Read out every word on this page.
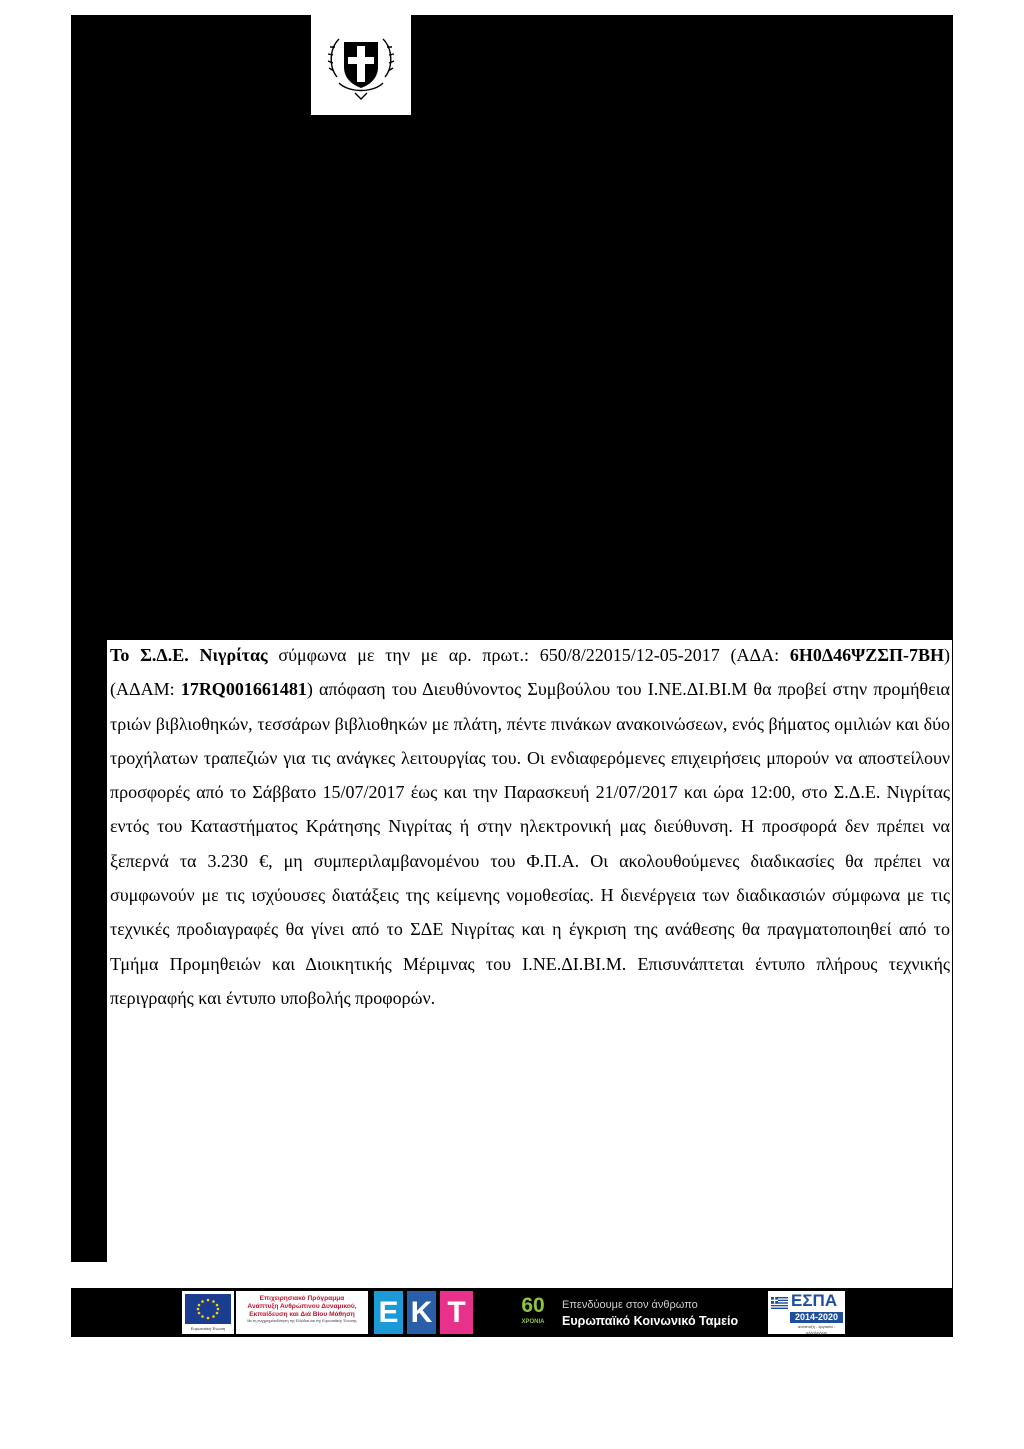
Το Σ.Δ.Ε. Νιγρίτας σύμφωνα με την με αρ. πρωτ.: 650/8/22015/12-05-2017 (ΑΔΑ: 6Η0Δ46ΨΖΣΠ-7ΒΗ) (ΑΔΑΜ: 17RQ001661481) απόφαση του Διευθύνοντος Συμβούλου του Ι.ΝΕ.ΔΙ.ΒΙ.Μ θα προβεί στην προμήθεια τριών βιβλιοθηκών, τεσσάρων βιβλιοθηκών με πλάτη, πέντε πινάκων ανακοινώσεων, ενός βήματος ομιλιών και δύο τροχήλατων τραπεζιών για τις ανάγκες λειτουργίας του. Οι ενδιαφερόμενες επιχειρήσεις μπορούν να αποστείλουν προσφορές από το Σάββατο 15/07/2017 έως και την Παρασκευή 21/07/2017 και ώρα 12:00, στο Σ.Δ.Ε. Νιγρίτας εντός του Καταστήματος Κράτησης Νιγρίτας ή στην ηλεκτρονική μας διεύθυνση. Η προσφορά δεν πρέπει να ξεπερνά τα 3.230 €, μη συμπεριλαμβανομένου του Φ.Π.Α. Οι ακολουθούμενες διαδικασίες θα πρέπει να συμφωνούν με τις ισχύουσες διατάξεις της κείμενης νομοθεσίας. Η διενέργεια των διαδικασιών σύμφωνα με τις τεχνικές προδιαγραφές θα γίνει από το ΣΔΕ Νιγρίτας και η έγκριση της ανάθεσης θα πραγματοποιηθεί από το Τμήμα Προμηθειών και Διοικητικής Μέριμνας του Ι.ΝΕ.ΔΙ.ΒΙ.Μ. Επισυνάπτεται έντυπο πλήρους τεχνικής περιγραφής και έντυπο υποβολής προφορών.

Ευρωπαϊκή Ένωση
Επιχειρησιακό Πρόγραμμα
Ανάπτυξη Ανθρώπινου Δυναμικού,
Εκπαίδευση και Διά Βίου Μάθηση
Με τη συγχρηματοδότηση της Ελλάδας και της Ευρωπαϊκής Ένωσης Ε Κ Τ	60
ΧΡΟΝΙΑ
Επενδύουμε στον άνθρωπο
Ευρωπαϊκό Κοινωνικό Ταμείο
ΕΣΠΑ
2014-2020
ανάπτυξη - εργασία - αλληλεγγύη
